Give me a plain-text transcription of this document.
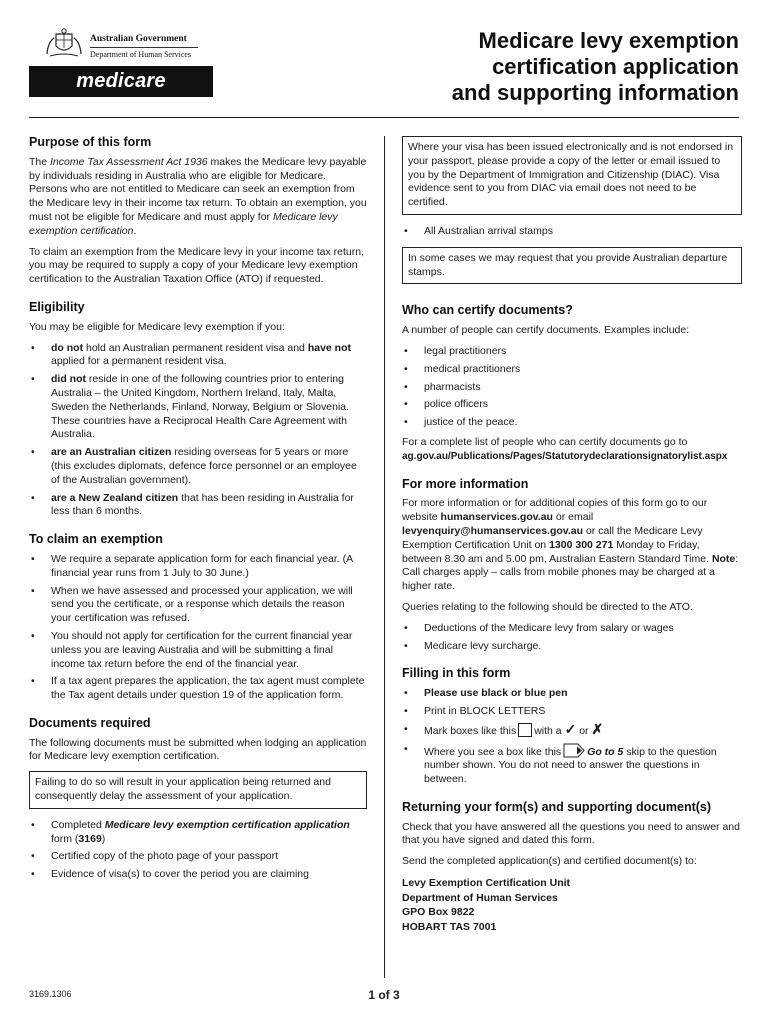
Australian Government
Department of Human Services
medicare
Medicare levy exemption
certification application
and supporting information
Purpose of this form

The Income Tax Assessment Act 1936 makes the Medicare levy payable by individuals residing in Australia who are eligible for Medicare. Persons who are not entitled to Medicare can seek an exemption from the Medicare levy in their income tax return. To obtain an exemption, you must not be eligible for Medicare and must apply for Medicare levy exemption certification.

To claim an exemption from the Medicare levy in your income tax return, you may be required to supply a copy of your Medicare levy exemption certification to the Australian Taxation Office (ATO) if requested.

Eligibility

You may be eligible for Medicare levy exemption if you:

• do not hold an Australian permanent resident visa and have not applied for a permanent resident visa.
• did not reside in one of the following countries prior to entering Australia – the United Kingdom, Northern Ireland, Italy, Malta, Sweden the Netherlands, Finland, Norway, Belgium or Slovenia. These countries have a Reciprocal Health Care Agreement with Australia.
• are an Australian citizen residing overseas for 5 years or more (this excludes diplomats, defence force personnel or an employee of the Australian government).
• are a New Zealand citizen that has been residing in Australia for less than 6 months.
To claim an exemption
• We require a separate application form for each financial year. (A financial year runs from 1 July to 30 June.)
• When we have assessed and processed your application, we will send you the certificate, or a response which details the reason your certification was refused.
• You should not apply for certification for the current financial year unless you are leaving Australia and will be submitting a final income tax return before the end of the financial year.
• If a tax agent prepares the application, the tax agent must complete the Tax agent details under question 19 of the application form.
Documents required

The following documents must be submitted when lodging an application for Medicare levy exemption certification.

Failing to do so will result in your application being returned and consequently delay the assessment of your application.
• Completed Medicare levy exemption certification application form (3169)
• Certified copy of the photo page of your passport
• Evidence of visa(s) to cover the period you are claiming
Where your visa has been issued electronically and is not endorsed in your passport, please provide a copy of the letter or email issued to you by the Department of Immigration and Citizenship (DIAC). Visa evidence sent to you from DIAC via email does not need to be certified.
• All Australian arrival stamps
In some cases we may request that you provide Australian departure stamps.
Who can certify documents?

A number of people can certify documents. Examples include:

• legal practitioners
• medical practitioners
• pharmacists
• police officers
• justice of the peace.

For a complete list of people who can certify documents go to
ag.gov.au/Publications/Pages/Statutorydeclarationsignatorylist.aspx

For more information

For more information or for additional copies of this form go to our website humanservices.gov.au or email levyenquiry@humanservices.gov.au or call the Medicare Levy Exemption Certification Unit on 1300 300 271 Monday to Friday, between 8.30 am and 5.00 pm, Australian Eastern Standard Time. Note: Call charges apply – calls from mobile phones may be charged at a higher rate.

Queries relating to the following should be directed to the ATO.

• Deductions of the Medicare levy from salary or wages
• Medicare levy surcharge.
Filling in this form
• Please use black or blue pen
• Print in BLOCK LETTERS
• Mark boxes like this with a ✓ or ✗
• Where you see a box like this Go to 5 skip to the question number shown. You do not need to answer the questions in between.
Returning your form(s) and supporting document(s)

Check that you have answered all the questions you need to answer and that you have signed and dated this form.

Send the completed application(s) and certified document(s) to:

Levy Exemption Certification Unit
Department of Human Services
GPO Box 9822
HOBART TAS 7001
3169.1306	1 of 3
